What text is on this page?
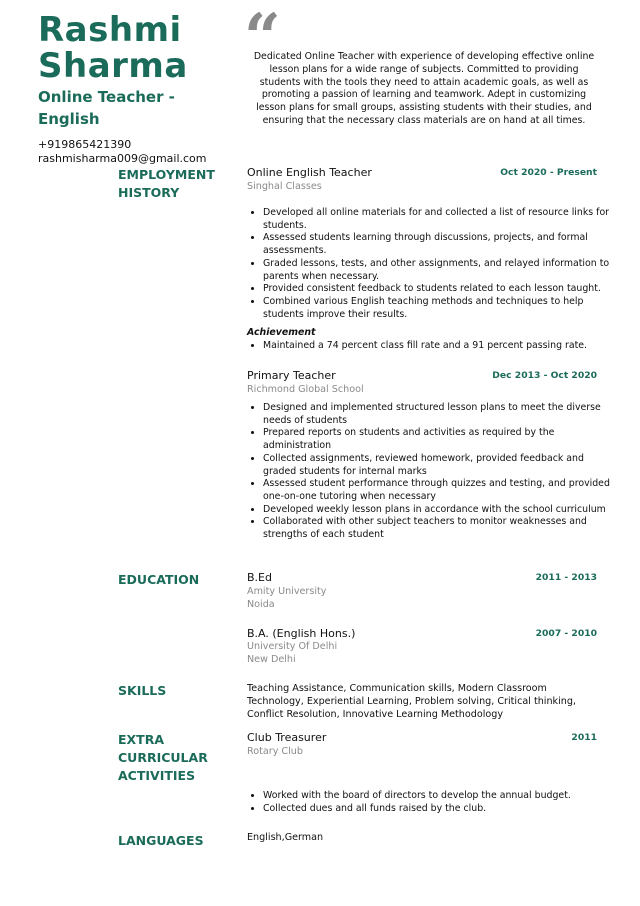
Rashmi Sharma
Online Teacher - English
+919865421390
rashmisharma009@gmail.com
“
Dedicated Online Teacher with experience of developing effective online lesson plans for a wide range of subjects. Committed to providing students with the tools they need to attain academic goals, as well as promoting a passion of learning and teamwork. Adept in customizing lesson plans for small groups, assisting students with their studies, and ensuring that the necessary class materials are on hand at all times.
EMPLOYMENT HISTORY
Online English Teacher	Oct 2020 - Present
Singhal Classes
• Developed all online materials for and collected a list of resource links for students.
• Assessed students learning through discussions, projects, and formal assessments.
• Graded lessons, tests, and other assignments, and relayed information to parents when necessary.
• Provided consistent feedback to students related to each lesson taught.
• Combined various English teaching methods and techniques to help students improve their results.
Achievement
• Maintained a 74 percent class fill rate and a 91 percent passing rate.
Primary Teacher	Dec 2013 - Oct 2020
Richmond Global School
• Designed and implemented structured lesson plans to meet the diverse needs of students
• Prepared reports on students and activities as required by the administration
• Collected assignments, reviewed homework, provided feedback and graded students for internal marks
• Assessed student performance through quizzes and testing, and provided one-on-one tutoring when necessary
• Developed weekly lesson plans in accordance with the school curriculum
• Collaborated with other subject teachers to monitor weaknesses and strengths of each student
EDUCATION	B.Ed	2011 - 2013
Amity University
Noida
B.A. (English Hons.)	2007 - 2010
University Of Delhi
New Delhi
SKILLS	Teaching Assistance, Communication skills, Modern Classroom Technology, Experiential Learning, Problem solving, Critical thinking, Conflict Resolution, Innovative Learning Methodology
EXTRA CURRICULAR ACTIVITIES
Club Treasurer	2011
Rotary Club
• Worked with the board of directors to develop the annual budget.
• Collected dues and all funds raised by the club.
LANGUAGES	English,German
